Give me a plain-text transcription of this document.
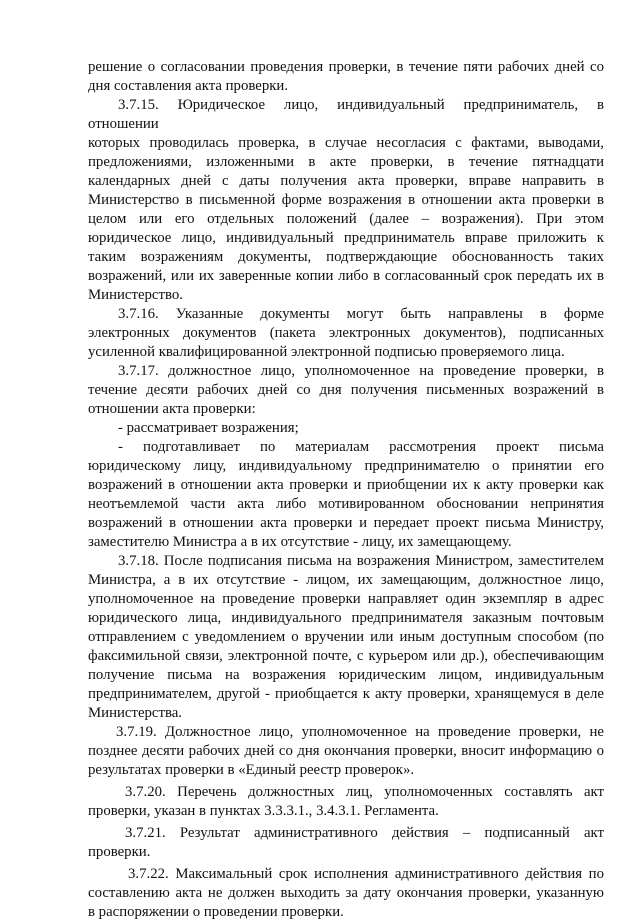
решение о согласовании проведения проверки, в течение пяти рабочих дней со
дня составления акта проверки.
3.7.15. Юридическое лицо, индивидуальный предприниматель, в
отношении
которых проводилась проверка, в случае несогласия с фактами, выводами,
предложениями, изложенными в акте проверки, в течение пятнадцати
календарных дней с даты получения акта проверки, вправе направить в
Министерство в письменной форме возражения в отношении акта проверки в
целом или его отдельных положений (далее – возражения). При этом
юридическое лицо, индивидуальный предприниматель вправе приложить к
таким возражениям документы, подтверждающие обоснованность таких
возражений, или их заверенные копии либо в согласованный срок передать их в
Министерство.
3.7.16. Указанные документы могут быть направлены в форме
электронных документов (пакета электронных документов), подписанных
усиленной квалифицированной электронной подписью проверяемого лица.
3.7.17. должностное лицо, уполномоченное на проведение проверки, в
течение десяти рабочих дней со дня получения письменных возражений в
отношении акта проверки:
- рассматривает возражения;
- подготавливает по материалам рассмотрения проект письма
юридическому лицу, индивидуальному предпринимателю о принятии его
возражений в отношении акта проверки и приобщении их к акту проверки как
неотъемлемой части акта либо мотивированном обосновании непринятия
возражений в отношении акта проверки и передает проект письма Министру,
заместителю Министра а в их отсутствие - лицу, их замещающему.
3.7.18. После подписания письма на возражения Министром, заместителем
Министра, а в их отсутствие - лицом, их замещающим, должностное лицо,
уполномоченное на проведение проверки направляет один экземпляр в адрес
юридического лица, индивидуального предпринимателя заказным почтовым
отправлением с уведомлением о вручении или иным доступным способом (по
факсимильной связи, электронной почте, с курьером или др.), обеспечивающим
получение письма на возражения юридическим лицом, индивидуальным
предпринимателем, другой - приобщается к акту проверки, хранящемуся в деле
Министерства.
3.7.19. Должностное лицо, уполномоченное на проведение проверки, не
позднее десяти рабочих дней со дня окончания проверки, вносит информацию о
результатах проверки в «Единый реестр проверок».
3.7.20. Перечень должностных лиц, уполномоченных составлять акт
проверки, указан в пунктах 3.3.3.1., 3.4.3.1. Регламента.
3.7.21. Результат административного действия – подписанный акт
проверки.
3.7.22. Максимальный срок исполнения административного действия по
составлению акта не должен выходить за дату окончания проверки, указанную
в распоряжении о проведении проверки.
